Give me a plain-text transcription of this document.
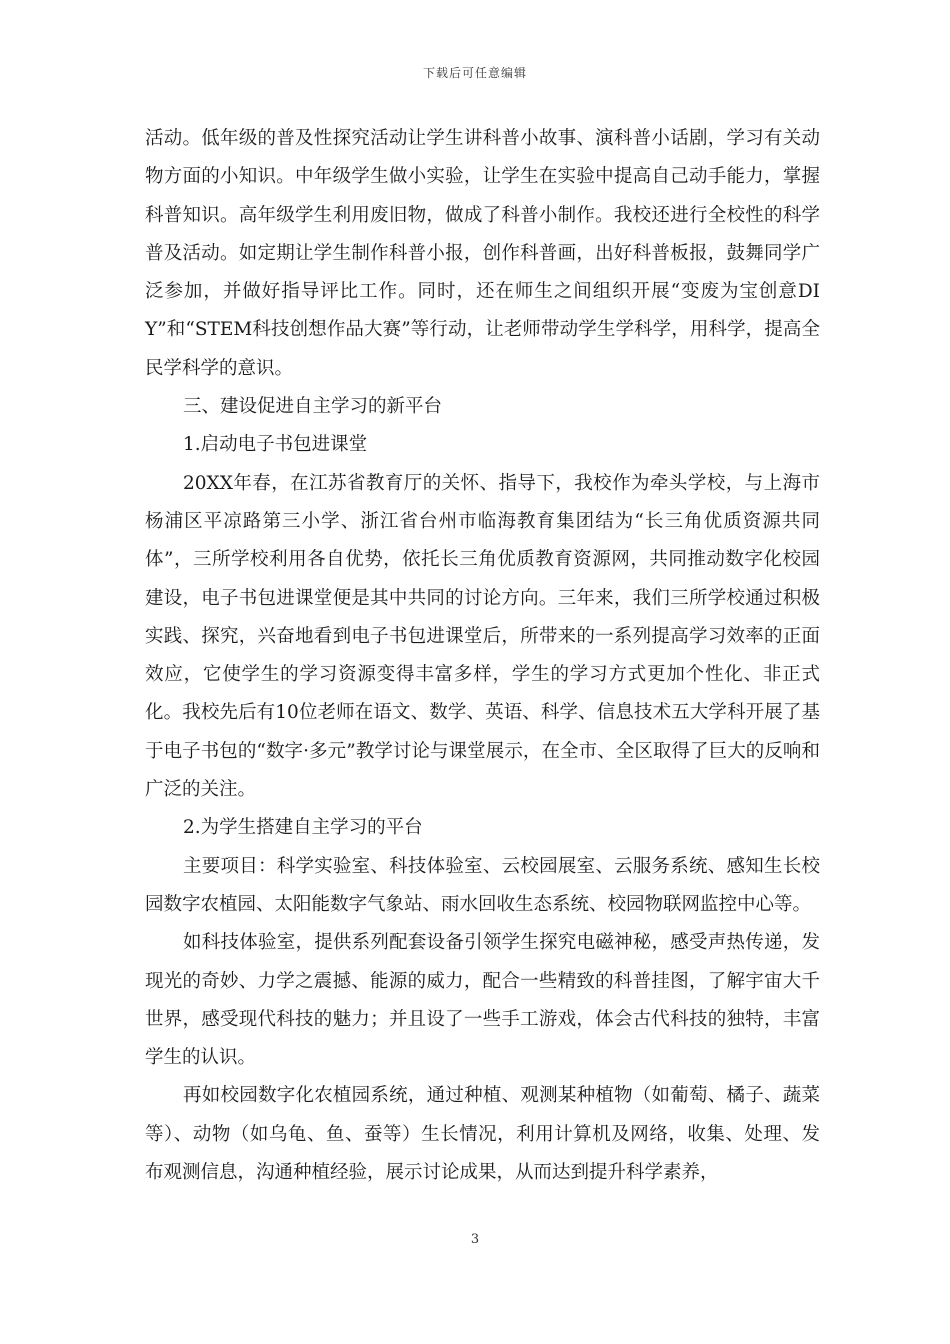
下载后可任意编辑

活动。低年级的普及性探究活动让学生讲科普小故事、演科普小话剧，学习有关动物方面的小知识。中年级学生做小实验，让学生在实验中提高自己动手能力，掌握科普知识。高年级学生利用废旧物，做成了科普小制作。我校还进行全校性的科学普及活动。如定期让学生制作科普小报，创作科普画，出好科普板报，鼓舞同学广泛参加，并做好指导评比工作。同时，还在师生之间组织开展“变废为宝创意DIY”和“STEM科技创想作品大赛”等行动，让老师带动学生学科学，用科学，提高全民学科学的意识。

三、建设促进自主学习的新平台

1.启动电子书包进课堂

20XX年春，在江苏省教育厅的关怀、指导下，我校作为牵头学校，与上海市杨浦区平凉路第三小学、浙江省台州市临海教育集团结为“长三角优质资源共同体”，三所学校利用各自优势，依托长三角优质教育资源网，共同推动数字化校园建设，电子书包进课堂便是其中共同的讨论方向。三年来，我们三所学校通过积极实践、探究，兴奋地看到电子书包进课堂后，所带来的一系列提高学习效率的正面效应，它使学生的学习资源变得丰富多样，学生的学习方式更加个性化、非正式化。我校先后有10位老师在语文、数学、英语、科学、信息技术五大学科开展了基于电子书包的“数字·多元”教学讨论与课堂展示，在全市、全区取得了巨大的反响和广泛的关注。

2.为学生搭建自主学习的平台

主要项目：科学实验室、科技体验室、云校园展室、云服务系统、感知生长校园数字农植园、太阳能数字气象站、雨水回收生态系统、校园物联网监控中心等。

如科技体验室，提供系列配套设备引领学生探究电磁神秘，感受声热传递，发现光的奇妙、力学之震撼、能源的威力，配合一些精致的科普挂图，了解宇宙大千世界，感受现代科技的魅力；并且设了一些手工游戏，体会古代科技的独特，丰富学生的认识。

再如校园数字化农植园系统，通过种植、观测某种植物（如葡萄、橘子、蔬菜等）、动物（如乌龟、鱼、蚕等）生长情况，利用计算机及网络，收集、处理、发布观测信息，沟通种植经验，展示讨论成果，从而达到提升科学素养，

3
